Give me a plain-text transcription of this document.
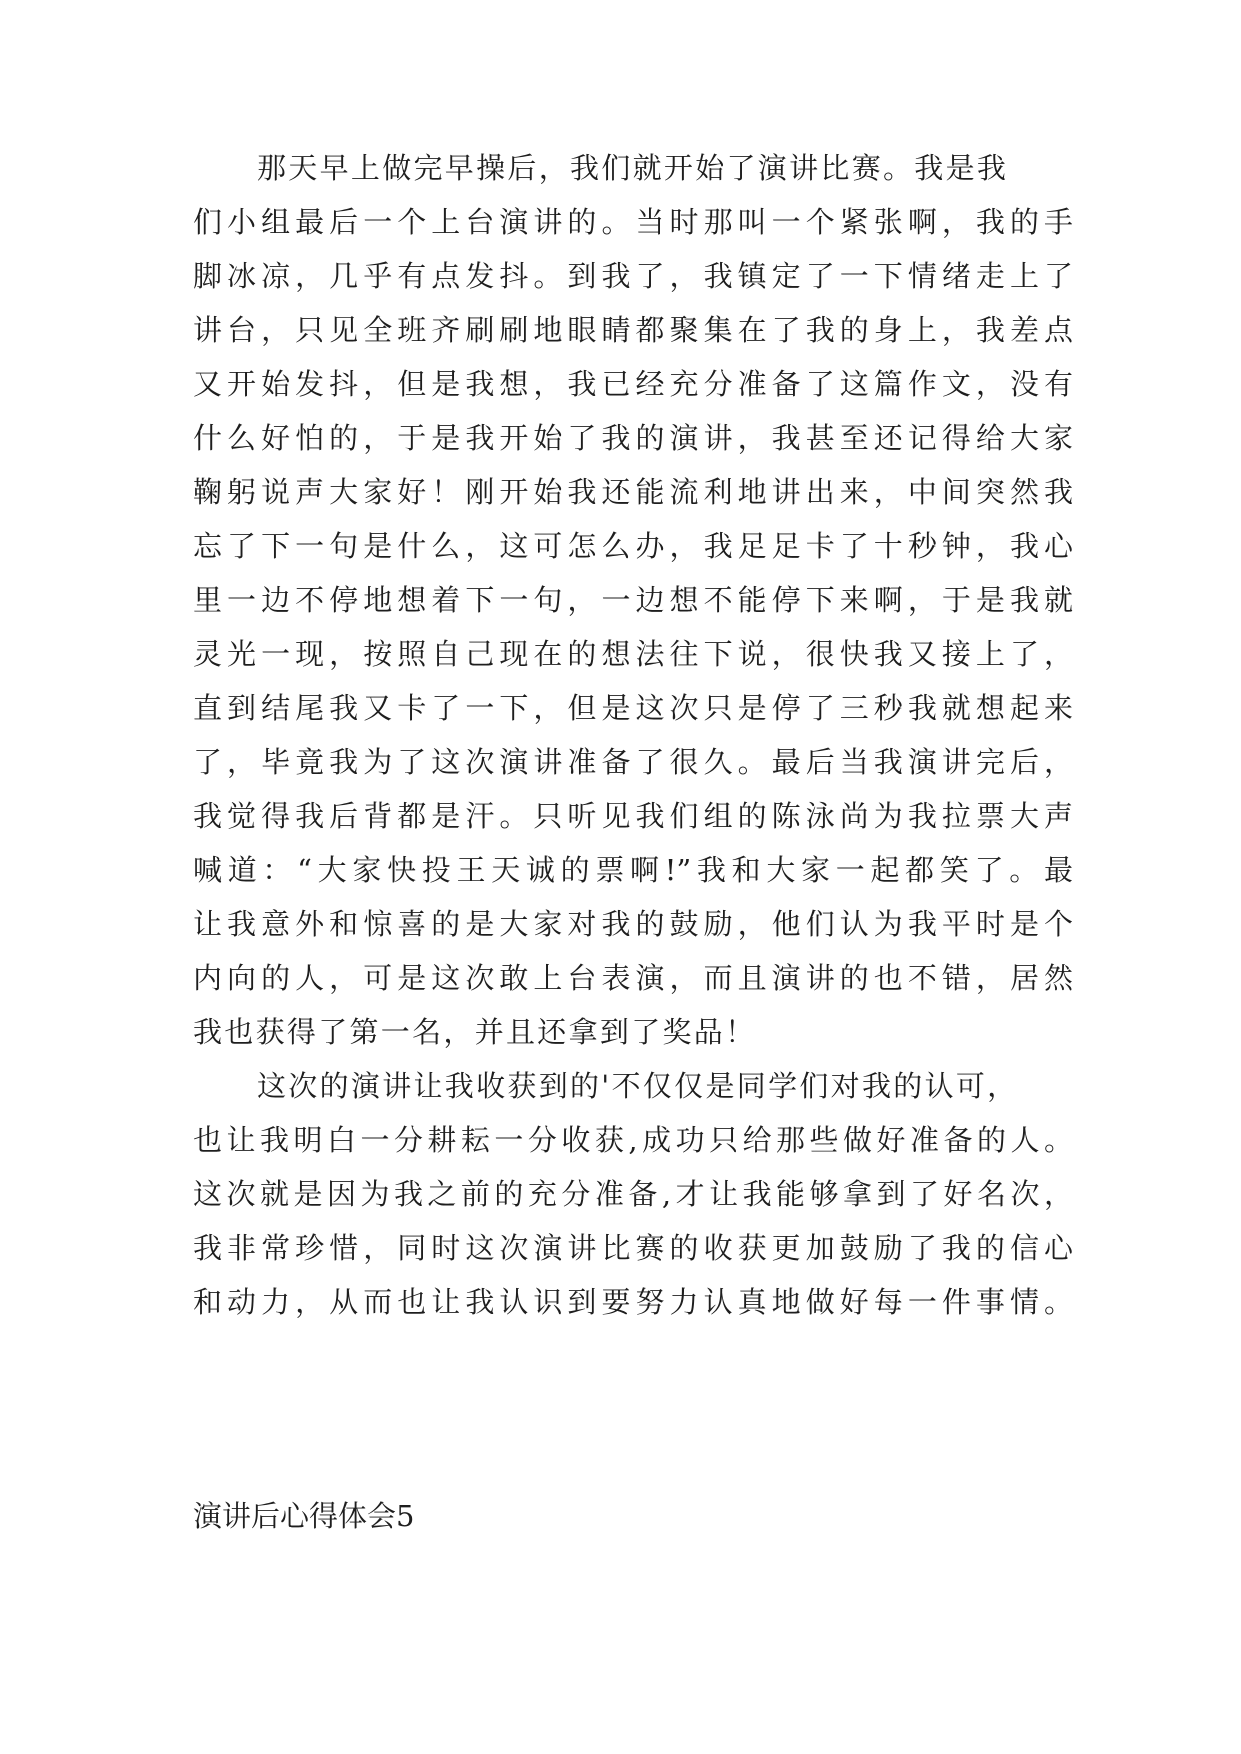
那天早上做完早操后，我们就开始了演讲比赛。我是我
们小组最后一个上台演讲的。当时那叫一个紧张啊，我的手
脚冰凉，几乎有点发抖。到我了，我镇定了一下情绪走上了
讲台，只见全班齐刷刷地眼睛都聚集在了我的身上，我差点
又开始发抖，但是我想，我已经充分准备了这篇作文，没有
什么好怕的，于是我开始了我的演讲，我甚至还记得给大家
鞠躬说声大家好！刚开始我还能流利地讲出来，中间突然我
忘了下一句是什么，这可怎么办，我足足卡了十秒钟，我心
里一边不停地想着下一句，一边想不能停下来啊，于是我就
灵光一现，按照自己现在的想法往下说，很快我又接上了，
直到结尾我又卡了一下，但是这次只是停了三秒我就想起来
了，毕竟我为了这次演讲准备了很久。最后当我演讲完后，
我觉得我后背都是汗。只听见我们组的陈泳尚为我拉票大声
喊道：“大家快投王天诚的票啊!”我和大家一起都笑了。最
让我意外和惊喜的是大家对我的鼓励，他们认为我平时是个
内向的人，可是这次敢上台表演，而且演讲的也不错，居然
我也获得了第一名，并且还拿到了奖品！
这次的演讲让我收获到的'不仅仅是同学们对我的认可，
也让我明白一分耕耘一分收获,成功只给那些做好准备的人。
这次就是因为我之前的充分准备,才让我能够拿到了好名次，
我非常珍惜，同时这次演讲比赛的收获更加鼓励了我的信心
和动力，从而也让我认识到要努力认真地做好每一件事情。
演讲后心得体会5
